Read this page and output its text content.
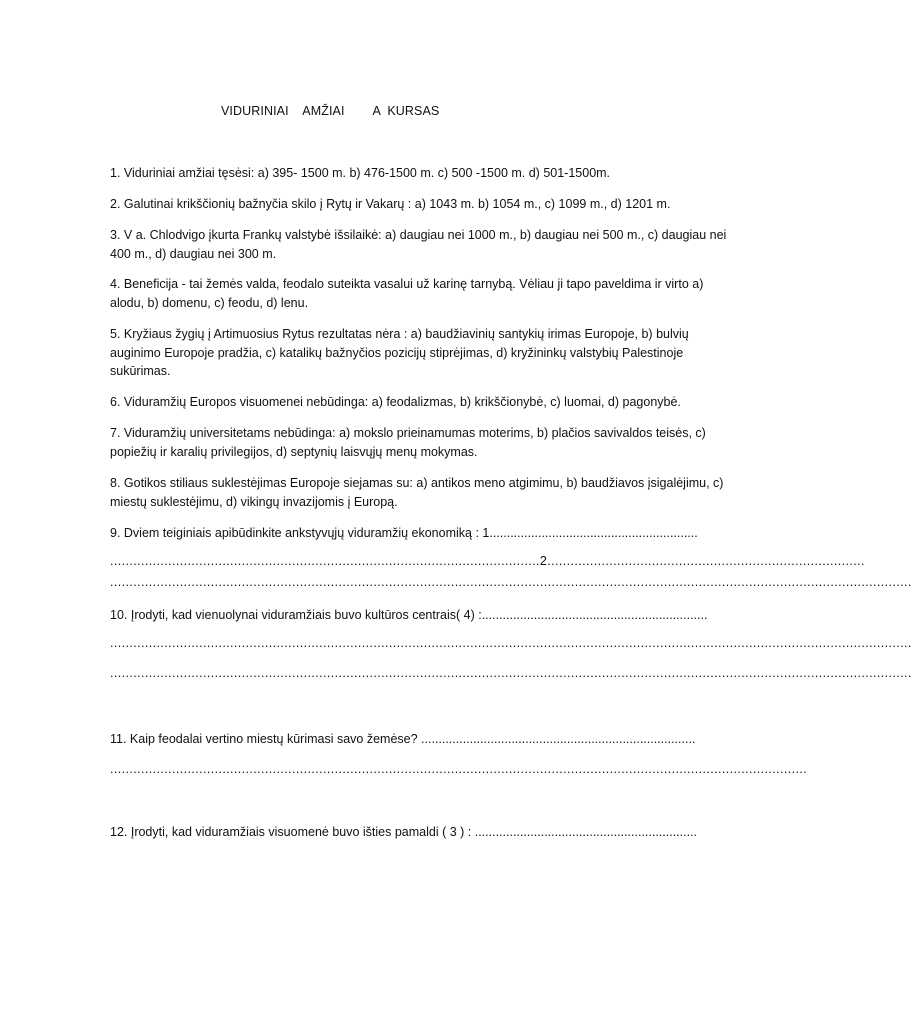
VIDURINIAI    AMŽIAI        A  KURSAS
1. Viduriniai amžiai tęsėsi: a) 395- 1500 m. b) 476-1500 m. c) 500 -1500 m. d) 501-1500m.
2. Galutinai krikščionių bažnyčia skilo į Rytų ir Vakarų : a) 1043 m. b) 1054 m., c) 1099 m., d) 1201 m.
3. V a. Chlodvigo įkurta Frankų valstybė išsilaikė: a) daugiau nei 1000 m., b) daugiau nei 500 m., c) daugiau nei 400 m., d) daugiau nei 300 m.
4. Beneficija - tai žemės valda, feodalo suteikta vasalui už karinę tarnybą. Vėliau ji tapo paveldima ir virto a) alodu, b) domenu, c) feodu, d) lenu.
5. Kryžiaus žygių į Artimuosius Rytus rezultatas nėra : a) baudžiavinių santykių irimas Europoje, b) bulvių auginimo Europoje pradžia, c) katalikų bažnyčios pozicijų stiprėjimas, d) kryžininkų valstybių Palestinoje sukūrimas.
6. Viduramžių Europos visuomenei nebūdinga: a) feodalizmas, b) krikščionybė, c) luomai, d) pagonybė.
7. Viduramžių universitetams nebūdinga: a) mokslo prieinamumas moterims, b) plačios savivaldos teisės, c) popiežių ir karalių privilegijos, d) septynių laisvųjų menų mokymas.
8. Gotikos stiliaus suklestėjimas Europoje siejamas su: a) antikos meno atgimimu, b) baudžiavos įsigalėjimu, c) miestų suklestėjimu, d) vikingų invazijomis į Europą.
9. Dviem teiginiais apibūdinkite ankstyvųjų viduramžių ekonomiką : 1............................................................
...............................................................................................................2..................................................................................
...............................................................................................................................................................................................................
10. Įrodyti, kad vienuolynai viduramžiais buvo kultūros centrais( 4) :.................................................................
...............................................................................................................................................................................................................
...............................................................................................................................................................................................................
11. Kaip feodalai vertino miestų kūrimasi savo žemėse? ...............................................................................
....................................................................................................................................................................................
12. Įrodyti, kad viduramžiais visuomenė buvo išties pamaldi ( 3 ) : ................................................................
